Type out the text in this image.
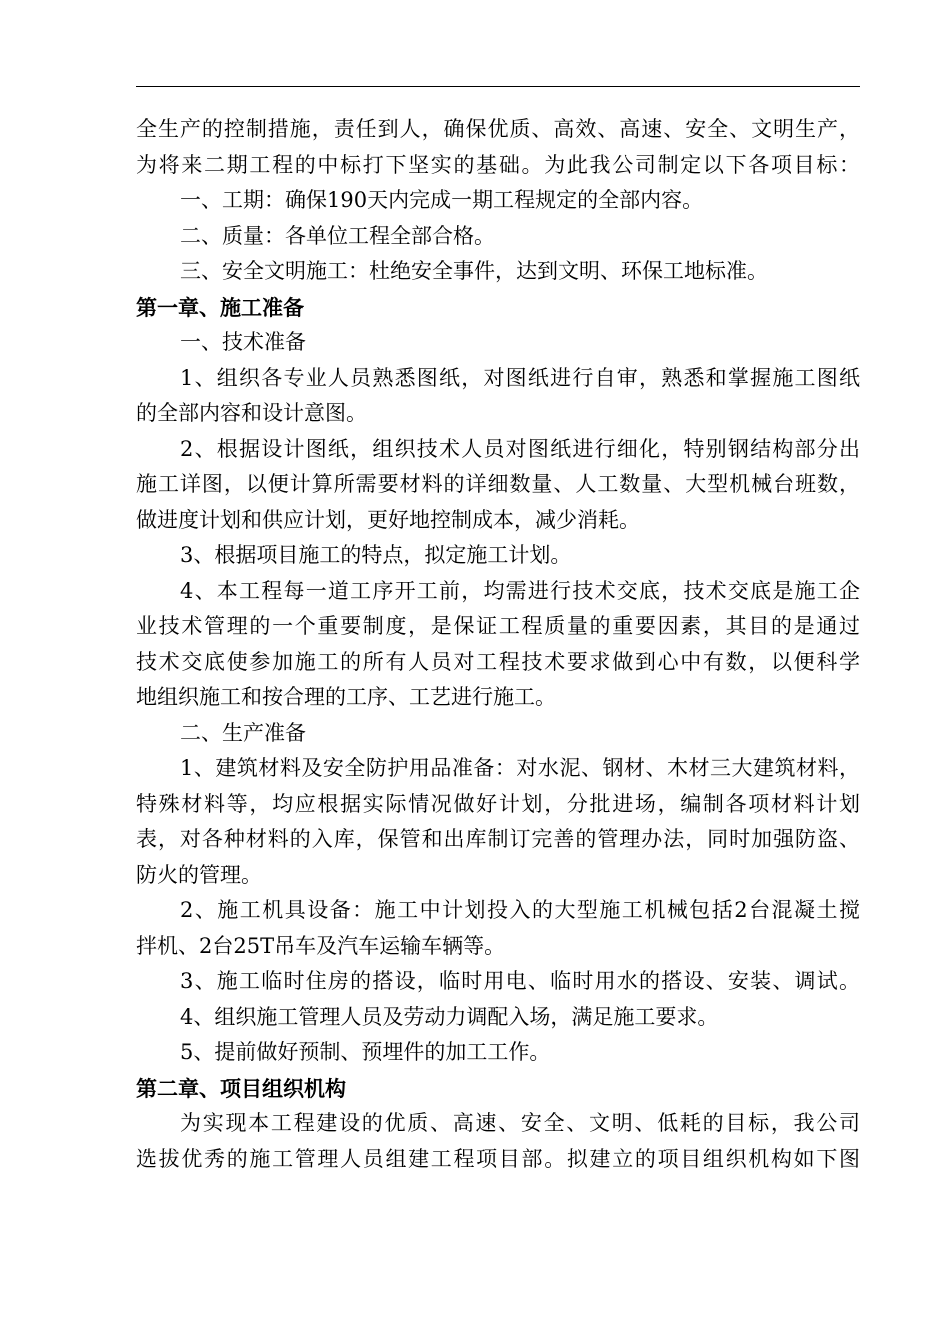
全生产的控制措施，责任到人，确保优质、高效、高速、安全、文明生产，
为将来二期工程的中标打下坚实的基础。为此我公司制定以下各项目标：
一、工期：确保190天内完成一期工程规定的全部内容。
二、质量：各单位工程全部合格。
三、安全文明施工：杜绝安全事件，达到文明、环保工地标准。
第一章、施工准备
一、技术准备
1、组织各专业人员熟悉图纸，对图纸进行自审，熟悉和掌握施工图纸
的全部内容和设计意图。
2、根据设计图纸，组织技术人员对图纸进行细化，特别钢结构部分出
施工详图，以便计算所需要材料的详细数量、人工数量、大型机械台班数，
做进度计划和供应计划，更好地控制成本，减少消耗。
3、根据项目施工的特点，拟定施工计划。
4、本工程每一道工序开工前，均需进行技术交底，技术交底是施工企
业技术管理的一个重要制度，是保证工程质量的重要因素，其目的是通过
技术交底使参加施工的所有人员对工程技术要求做到心中有数，以便科学
地组织施工和按合理的工序、工艺进行施工。
二、生产准备
1、建筑材料及安全防护用品准备：对水泥、钢材、木材三大建筑材料，
特殊材料等，均应根据实际情况做好计划，分批进场，编制各项材料计划
表，对各种材料的入库，保管和出库制订完善的管理办法，同时加强防盗、
防火的管理。
2、施工机具设备：施工中计划投入的大型施工机械包括2台混凝土搅
拌机、2台25T吊车及汽车运输车辆等。
3、施工临时住房的搭设，临时用电、临时用水的搭设、安装、调试。
4、组织施工管理人员及劳动力调配入场，满足施工要求。
5、提前做好预制、预埋件的加工工作。
第二章、项目组织机构
为实现本工程建设的优质、高速、安全、文明、低耗的目标，我公司
选拔优秀的施工管理人员组建工程项目部。拟建立的项目组织机构如下图
